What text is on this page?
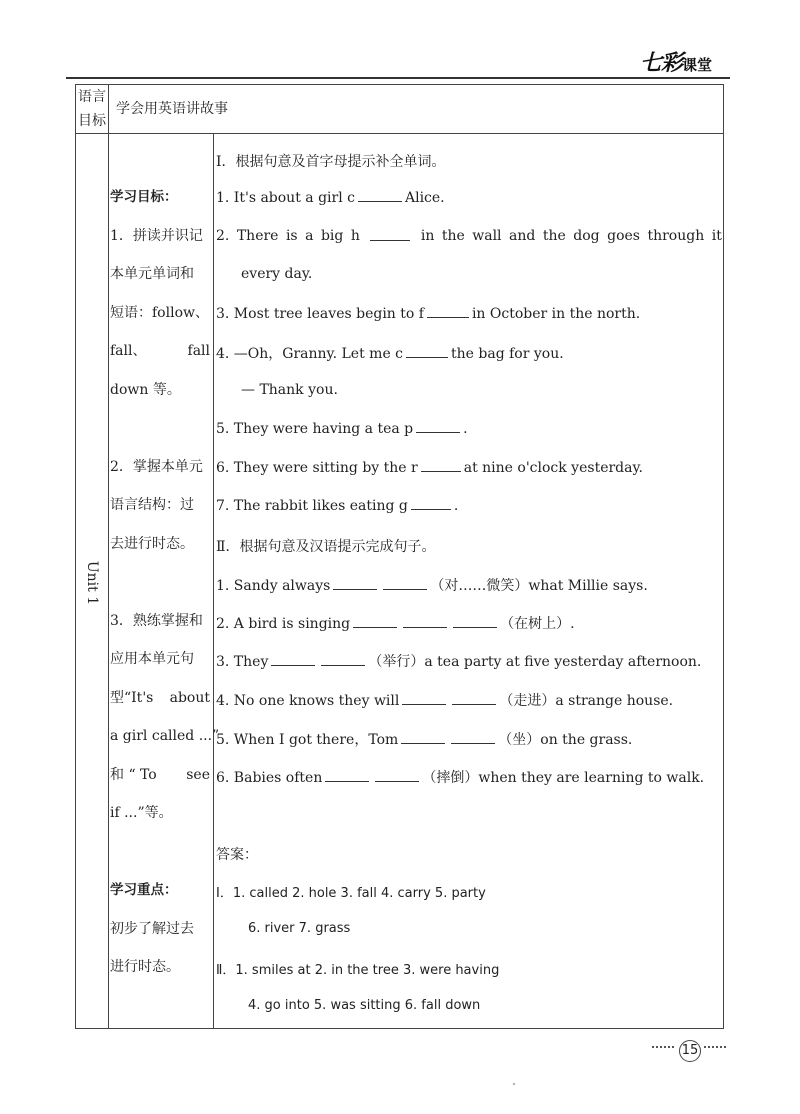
七彩课堂
语言
目标
学会用英语讲故事
Unit 1
学习目标：
1．拼读并识记
本单元单词和
短语：follow、
fall、	fall
down 等。
2．掌握本单元
语言结构：过
去进行时态。
3．熟练掌握和
应用本单元句
型“It's about
a girl called ...”
和 “ To see
if ...”等。
学习重点：
初步了解过去
进行时态。
Ⅰ．根据句意及首字母提示补全单词。
1. It's about a girl c	Alice.
2. There is a big h	in the wall and the dog goes through it
every day.
3. Most tree leaves begin to f	in October in the north.
4. —Oh，Granny. Let me c	the bag for you.
— Thank you.
5. They were having a tea p	.
6. They were sitting by the r	at nine o'clock yesterday.
7. The rabbit likes eating g	.
Ⅱ．根据句意及汉语提示完成句子。
1. Sandy always	（对……微笑）what Millie says.
2. A bird is singing	（在树上）.
3. They	（举行）a tea party at five yesterday afternoon.
4. No one knows they will	（走进）a strange house.
5. When I got there，Tom	（坐）on the grass.
6. Babies often	（摔倒）when they are learning to walk.
答案：
Ⅰ．1. called 2. hole 3. fall 4. carry 5. party
6. river 7. grass
Ⅱ．1. smiles at 2. in the tree 3. were having
4. go into 5. was sitting 6. fall down
15
